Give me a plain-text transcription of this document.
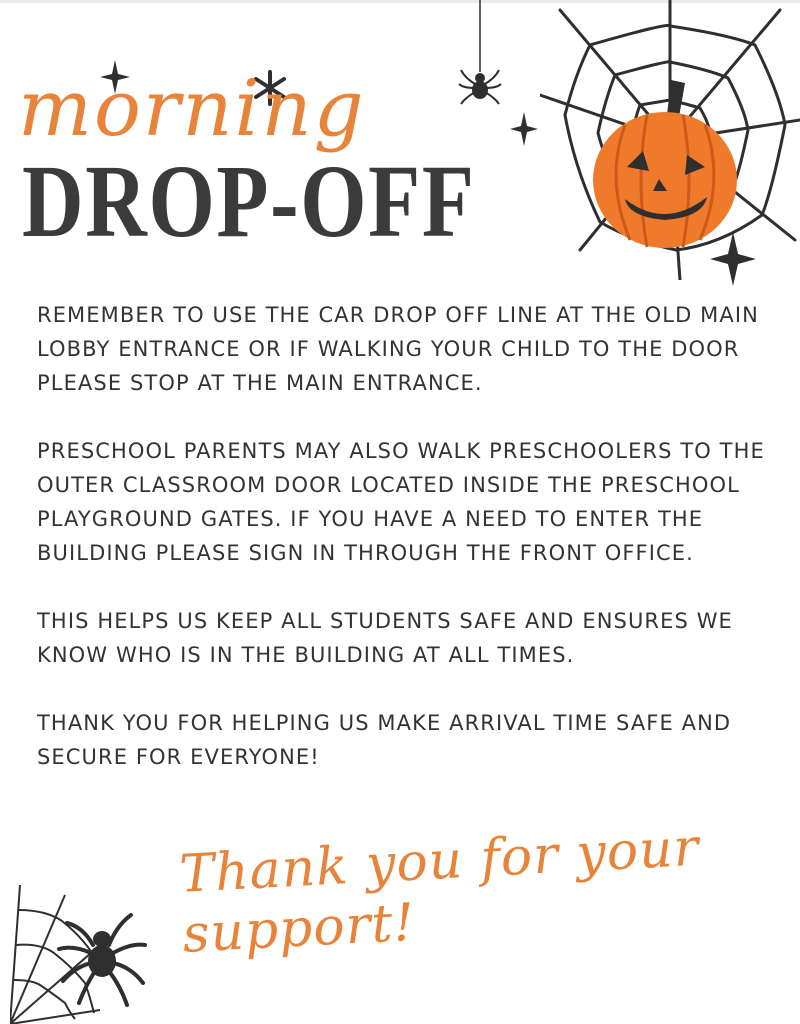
morning
DROP-OFF

REMEMBER TO USE THE CAR DROP OFF LINE AT THE OLD MAIN LOBBY ENTRANCE OR IF WALKING YOUR CHILD TO THE DOOR PLEASE STOP AT THE MAIN ENTRANCE.

PRESCHOOL PARENTS MAY ALSO WALK PRESCHOOLERS TO THE OUTER CLASSROOM DOOR LOCATED INSIDE THE PRESCHOOL PLAYGROUND GATES. IF YOU HAVE A NEED TO ENTER THE BUILDING PLEASE SIGN IN THROUGH THE FRONT OFFICE.

THIS HELPS US KEEP ALL STUDENTS SAFE AND ENSURES WE KNOW WHO IS IN THE BUILDING AT ALL TIMES.

THANK YOU FOR HELPING US MAKE ARRIVAL TIME SAFE AND SECURE FOR EVERYONE!

Thank you for your support!
